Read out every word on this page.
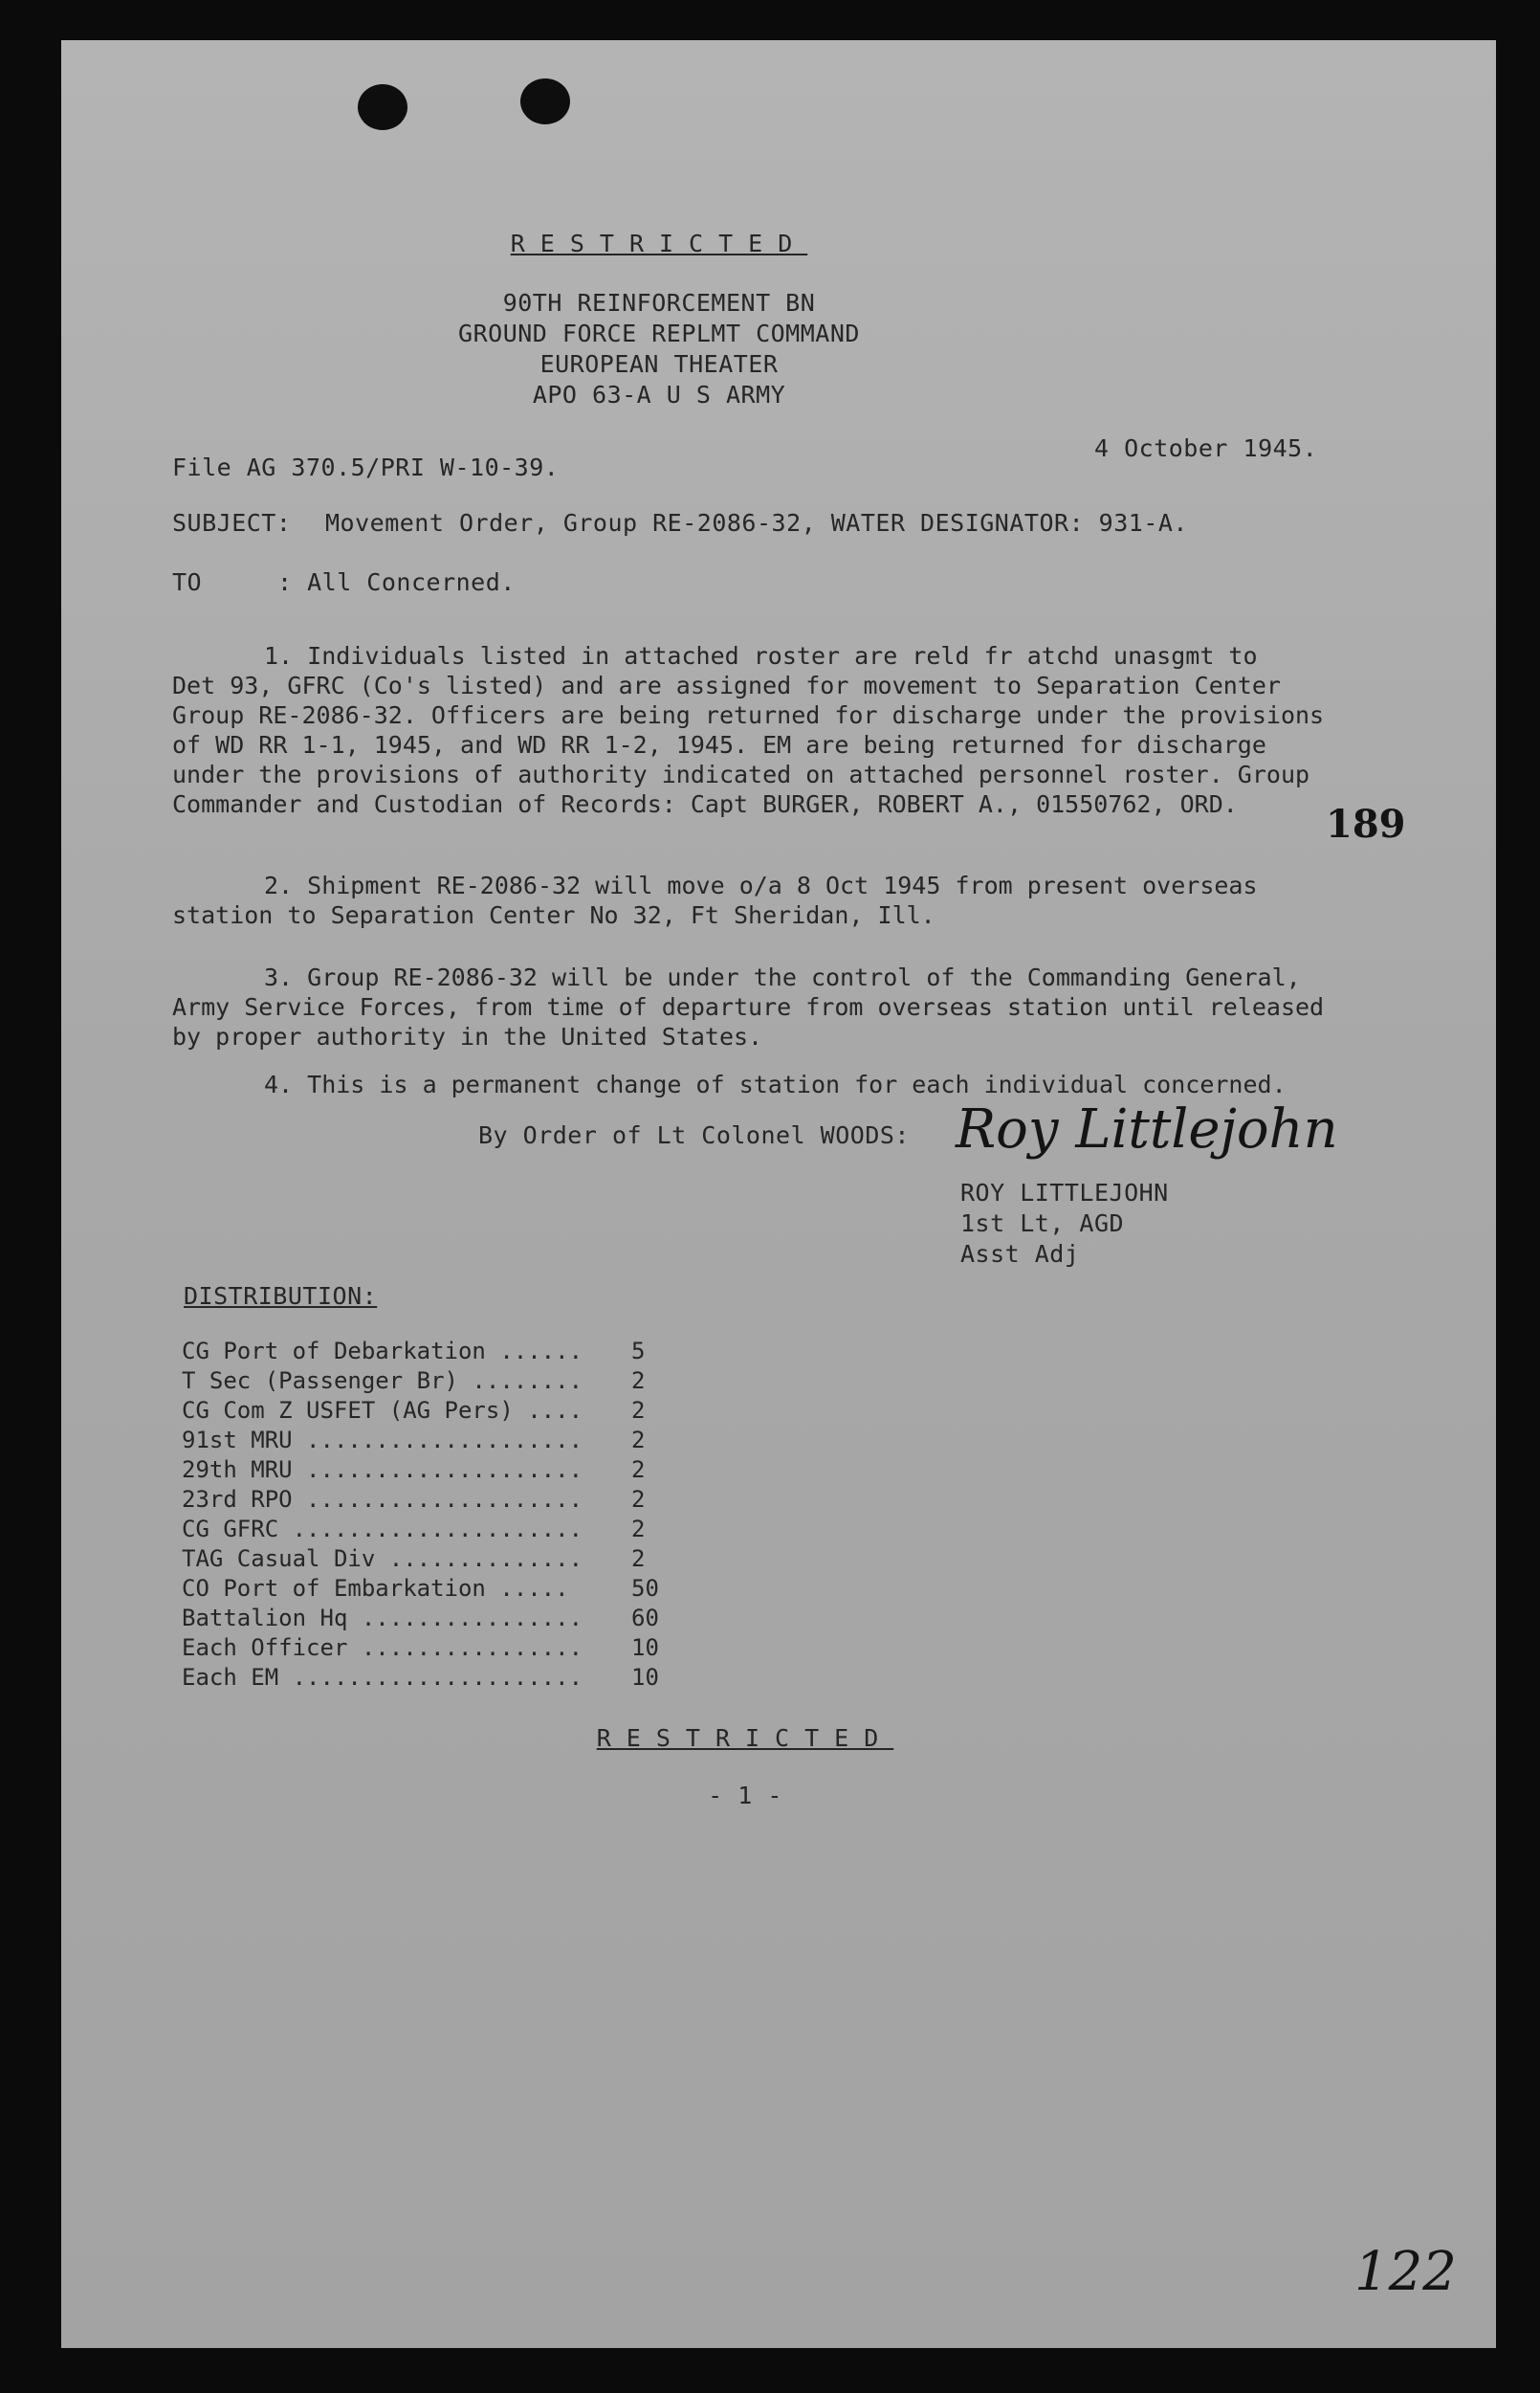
RESTRICTED
90TH REINFORCEMENT BN
GROUND FORCE REPLMT COMMAND
EUROPEAN THEATER
APO 63-A U S ARMY
File AG 370.5/PRI W-10-39.
4 October 1945.
SUBJECT: Movement Order, Group RE-2086-32, WATER DESIGNATOR: 931-A.
TO	: All Concerned.
1. Individuals listed in attached roster are reld fr atchd unasgmt to
Det 93, GFRC (Co's listed) and are assigned for movement to Separation Center
Group RE-2086-32. Officers are being returned for discharge under the provisions
of WD RR 1-1, 1945, and WD RR 1-2, 1945. EM are being returned for discharge
under the provisions of authority indicated on attached personnel roster. Group
Commander and Custodian of Records: Capt BURGER, ROBERT A., 01550762, ORD.	189
2. Shipment RE-2086-32 will move o/a 8 Oct 1945 from present overseas
station to Separation Center No 32, Ft Sheridan, Ill.
3. Group RE-2086-32 will be under the control of the Commanding General,
Army Service Forces, from time of departure from overseas station until released
by proper authority in the United States.
4. This is a permanent change of station for each individual concerned.
By Order of Lt Colonel WOODS: Roy Littlejohn
ROY LITTLEJOHN
1st Lt, AGD
Asst Adj
DISTRIBUTION:
CG Port of Debarkation ...... 5
T Sec (Passenger Br) ........ 2
CG Com Z USFET (AG Pers) .... 2
91st MRU .................... 2
29th MRU .................... 2
23rd RPO .................... 2
CG GFRC ..................... 2
TAG Casual Div .............. 2
CO Port of Embarkation .....	50
Battalion Hq ................ 60
Each Officer ................ 10
Each EM ..................... 10
RESTRICTED
- 1 -
122
